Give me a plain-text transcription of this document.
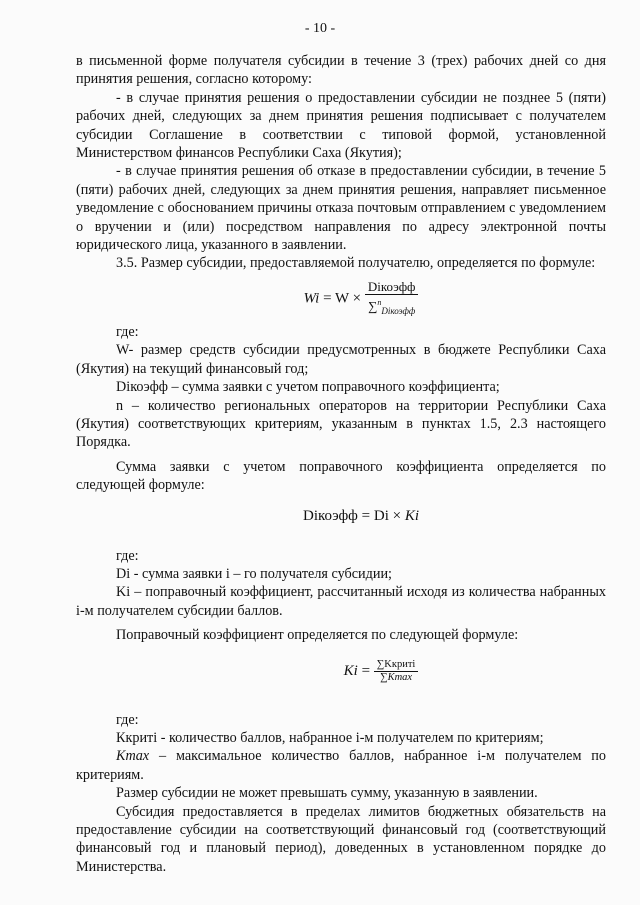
- 10 -

в письменной форме получателя субсидии в течение 3 (трех) рабочих дней со дня принятия решения, согласно которому:

- в случае принятия решения о предоставлении субсидии не позднее 5 (пяти) рабочих дней, следующих за днем принятия решения подписывает с получателем субсидии Соглашение в соответствии с типовой формой, установленной Министерством финансов Республики Саха (Якутия);

- в случае принятия решения об отказе в предоставлении субсидии, в течение 5 (пяти) рабочих дней, следующих за днем принятия решения, направляет письменное уведомление с обоснованием причины отказа почтовым отправлением с уведомлением о вручении и (или) посредством направления по адресу электронной почты юридического лица, указанного в заявлении.

3.5. Размер субсидии, предоставляемой получателю, определяется по формуле:

$Wi = W \times \frac{\text{Diкоэфф}}{\sum^n_{Diкоэфф}}$

где:

W- размер средств субсидии предусмотренных в бюджете Республики Саха (Якутия) на текущий финансовый год;

Diкоэфф – сумма заявки с учетом поправочного коэффициента;

n – количество региональных операторов на территории Республики Саха (Якутия) соответствующих критериям, указанным в пунктах 1.5, 2.3 настоящего Порядка.

Сумма заявки с учетом поправочного коэффициента определяется по следующей формуле:

Diкоэфф = Di × Ki

где:

Di - сумма заявки i – го получателя субсидии;

Ki – поправочный коэффициент, рассчитанный исходя из количества набранных i-м получателем субсидии баллов.

Поправочный коэффициент определяется по следующей формуле:

$Ki = \frac{\text{∑Kкритi}}{\sum Kmax}$

где:

Ккритi - количество баллов, набранное i-м получателем по критериям;

Kmax – максимальное количество баллов, набранное i-м получателем по критериям.

Размер субсидии не может превышать сумму, указанную в заявлении.

Субсидия предоставляется в пределах лимитов бюджетных обязательств на предоставление субсидии на соответствующий финансовый год (соответствующий финансовый год и плановый период), доведенных в установленном порядке до Министерства.
